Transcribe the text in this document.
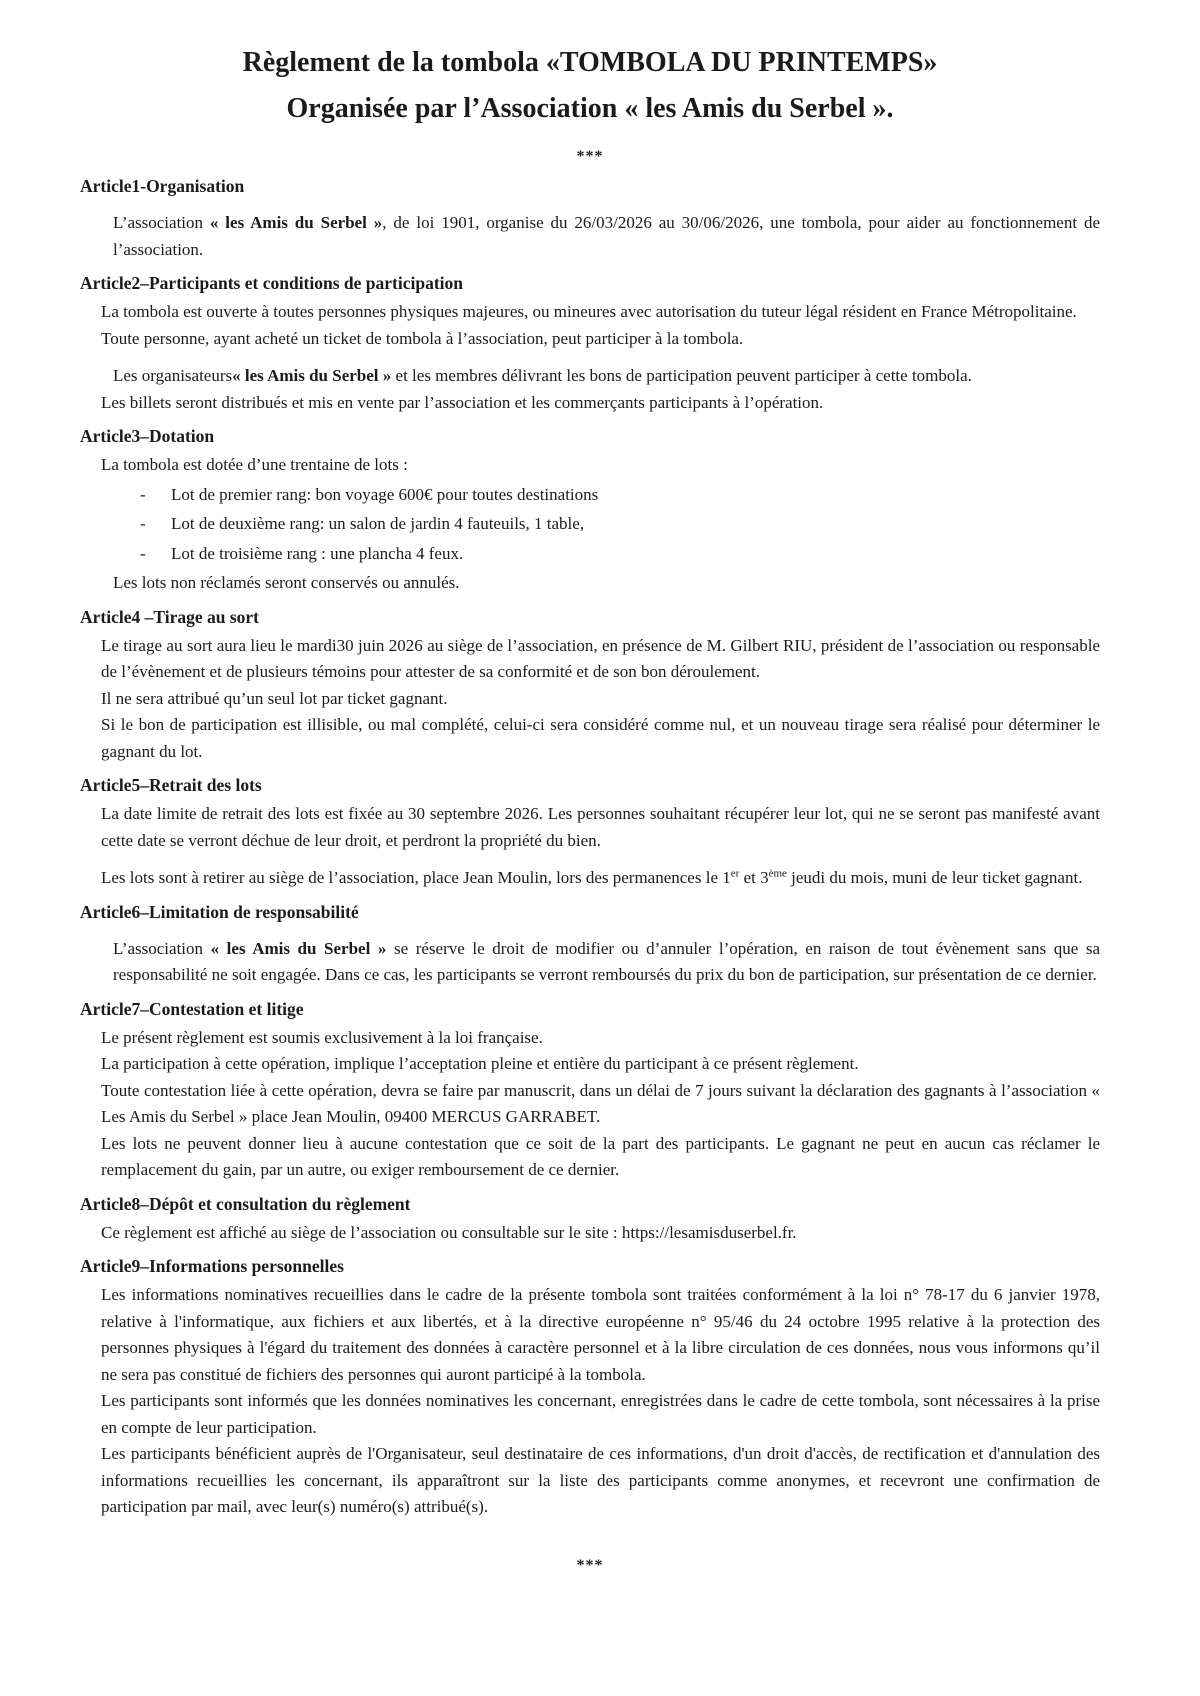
Règlement de la tombola «TOMBOLA DU PRINTEMPS»
Organisée par l’Association « les Amis du Serbel ».
***
Article1-Organisation

L’association « les Amis du Serbel », de loi 1901, organise du 26/03/2026 au 30/06/2026, une tombola, pour aider au fonctionnement de l’association.

Article2–Participants et conditions de participation

La tombola est ouverte à toutes personnes physiques majeures, ou mineures avec autorisation du tuteur légal résident en France Métropolitaine.

Toute personne, ayant acheté un ticket de tombola à l’association, peut participer à la tombola.

Les organisateurs« les Amis du Serbel » et les membres délivrant les bons de participation peuvent participer à cette tombola.

Les billets seront distribués et mis en vente par l’association et les commerçants participants à l’opération.

Article3–Dotation

La tombola est dotée d’une trentaine de lots :

-	Lot de premier rang: bon voyage 600€ pour toutes destinations
-	Lot de deuxième rang: un salon de jardin 4 fauteuils, 1 table,
-	Lot de troisième rang : une plancha 4 feux.

Les lots non réclamés seront conservés ou annulés.

Article4 –Tirage au sort

Le tirage au sort aura lieu le mardi30 juin 2026 au siège de l’association, en présence de M. Gilbert RIU, président de l’association ou responsable de l’évènement et de plusieurs témoins pour attester de sa conformité et de son bon déroulement.

Il ne sera attribué qu’un seul lot par ticket gagnant.

Si le bon de participation est illisible, ou mal complété, celui-ci sera considéré comme nul, et un nouveau tirage sera réalisé pour déterminer le gagnant du lot.

Article5–Retrait des lots

La date limite de retrait des lots est fixée au 30 septembre 2026. Les personnes souhaitant récupérer leur lot, qui ne se seront pas manifesté avant cette date se verront déchue de leur droit, et perdront la propriété du bien.

Les lots sont à retirer au siège de l’association, place Jean Moulin, lors des permanences le 1er et 3ème jeudi du mois, muni de leur ticket gagnant.

Article6–Limitation de responsabilité

L’association « les Amis du Serbel » se réserve le droit de modifier ou d’annuler l’opération, en raison de tout évènement sans que sa responsabilité ne soit engagée. Dans ce cas, les participants se verront remboursés du prix du bon de participation, sur présentation de ce dernier.

Article7–Contestation et litige

Le présent règlement est soumis exclusivement à la loi française.

La participation à cette opération, implique l’acceptation pleine et entière du participant à ce présent règlement.

Toute contestation liée à cette opération, devra se faire par manuscrit, dans un délai de 7 jours suivant la déclaration des gagnants à l’association « Les Amis du Serbel » place Jean Moulin, 09400 MERCUS GARRABET.

Les lots ne peuvent donner lieu à aucune contestation que ce soit de la part des participants. Le gagnant ne peut en aucun cas réclamer le remplacement du gain, par un autre, ou exiger remboursement de ce dernier.

Article8–Dépôt et consultation du règlement

Ce règlement est affiché au siège de l’association ou consultable sur le site : https://lesamisduserbel.fr.

Article9–Informations personnelles

Les informations nominatives recueillies dans le cadre de la présente tombola sont traitées conformément à la loi n° 78-17 du 6 janvier 1978, relative à l'informatique, aux fichiers et aux libertés, et à la directive européenne n° 95/46 du 24 octobre 1995 relative à la protection des personnes physiques à l'égard du traitement des données à caractère personnel et à la libre circulation de ces données, nous vous informons qu’il ne sera pas constitué de fichiers des personnes qui auront participé à la tombola.

Les participants sont informés que les données nominatives les concernant, enregistrées dans le cadre de cette tombola, sont nécessaires à la prise en compte de leur participation.

Les participants bénéficient auprès de l'Organisateur, seul destinataire de ces informations, d'un droit d'accès, de rectification et d'annulation des informations recueillies les concernant, ils apparaîtront sur la liste des participants comme anonymes, et recevront une confirmation de participation par mail, avec leur(s) numéro(s) attribué(s).

***
